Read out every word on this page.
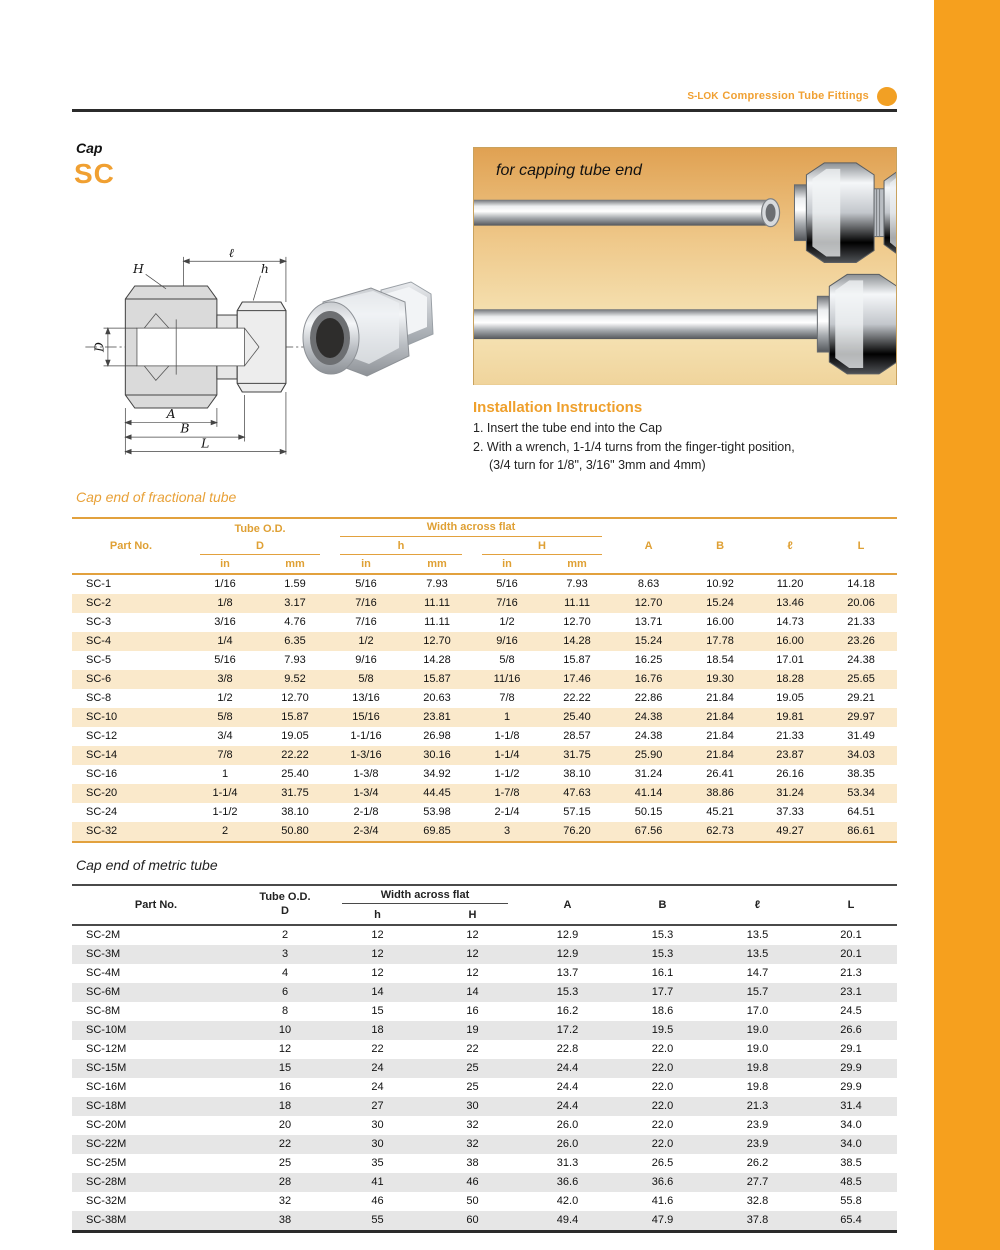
S-LOK Compression Tube Fittings
Cap
SC
ℓ
H	h
D
A
B
L
for capping tube end
Installation Instructions
1. Insert the tube end into the Cap
2. With a wrench, 1-1/4 turns from the finger-tight position,
(3/4 turn for 1/8", 3/16" 3mm and 4mm)
Cap end of fractional tube
Part No.	Tube O.D.		Width across flat				A	B	ℓ	L

	D		h		H					

	in	mm	in	mm	in	mm				
SC-1	1/16	1.59	5/16	7.93	5/16	7.93	8.63	10.92	11.20	14.18
SC-2	1/8	3.17	7/16	11.11	7/16	11.11	12.70	15.24	13.46	20.06
SC-3	3/16	4.76	7/16	11.11	1/2	12.70	13.71	16.00	14.73	21.33
SC-4	1/4	6.35	1/2	12.70	9/16	14.28	15.24	17.78	16.00	23.26
SC-5	5/16	7.93	9/16	14.28	5/8	15.87	16.25	18.54	17.01	24.38
SC-6	3/8	9.52	5/8	15.87	11/16	17.46	16.76	19.30	18.28	25.65
SC-8	1/2	12.70	13/16	20.63	7/8	22.22	22.86	21.84	19.05	29.21
SC-10	5/8	15.87	15/16	23.81	1	25.40	24.38	21.84	19.81	29.97
SC-12	3/4	19.05	1-1/16	26.98	1-1/8	28.57	24.38	21.84	21.33	31.49
SC-14	7/8	22.22	1-3/16	30.16	1-1/4	31.75	25.90	21.84	23.87	34.03
SC-16	1	25.40	1-3/8	34.92	1-1/2	38.10	31.24	26.41	26.16	38.35
SC-20	1-1/4	31.75	1-3/4	44.45	1-7/8	47.63	41.14	38.86	31.24	53.34
SC-24	1-1/2	38.10	2-1/8	53.98	2-1/4	57.15	50.15	45.21	37.33	64.51
SC-32	2	50.80	2-3/4	69.85	3	76.20	67.56	62.73	49.27	86.61
Cap end of metric tube
Part No.	Tube O.D.
D	Width across flat		A	B	ℓ	L
		h	H				
SC-2M	2	12	12	12.9	15.3	13.5	20.1
SC-3M	3	12	12	12.9	15.3	13.5	20.1
SC-4M	4	12	12	13.7	16.1	14.7	21.3
SC-6M	6	14	14	15.3	17.7	15.7	23.1
SC-8M	8	15	16	16.2	18.6	17.0	24.5
SC-10M	10	18	19	17.2	19.5	19.0	26.6
SC-12M	12	22	22	22.8	22.0	19.0	29.1
SC-15M	15	24	25	24.4	22.0	19.8	29.9
SC-16M	16	24	25	24.4	22.0	19.8	29.9
SC-18M	18	27	30	24.4	22.0	21.3	31.4
SC-20M	20	30	32	26.0	22.0	23.9	34.0
SC-22M	22	30	32	26.0	22.0	23.9	34.0
SC-25M	25	35	38	31.3	26.5	26.2	38.5
SC-28M	28	41	46	36.6	36.6	27.7	48.5
SC-32M	32	46	50	42.0	41.6	32.8	55.8
SC-38M	38	55	60	49.4	47.9	37.8	65.4
